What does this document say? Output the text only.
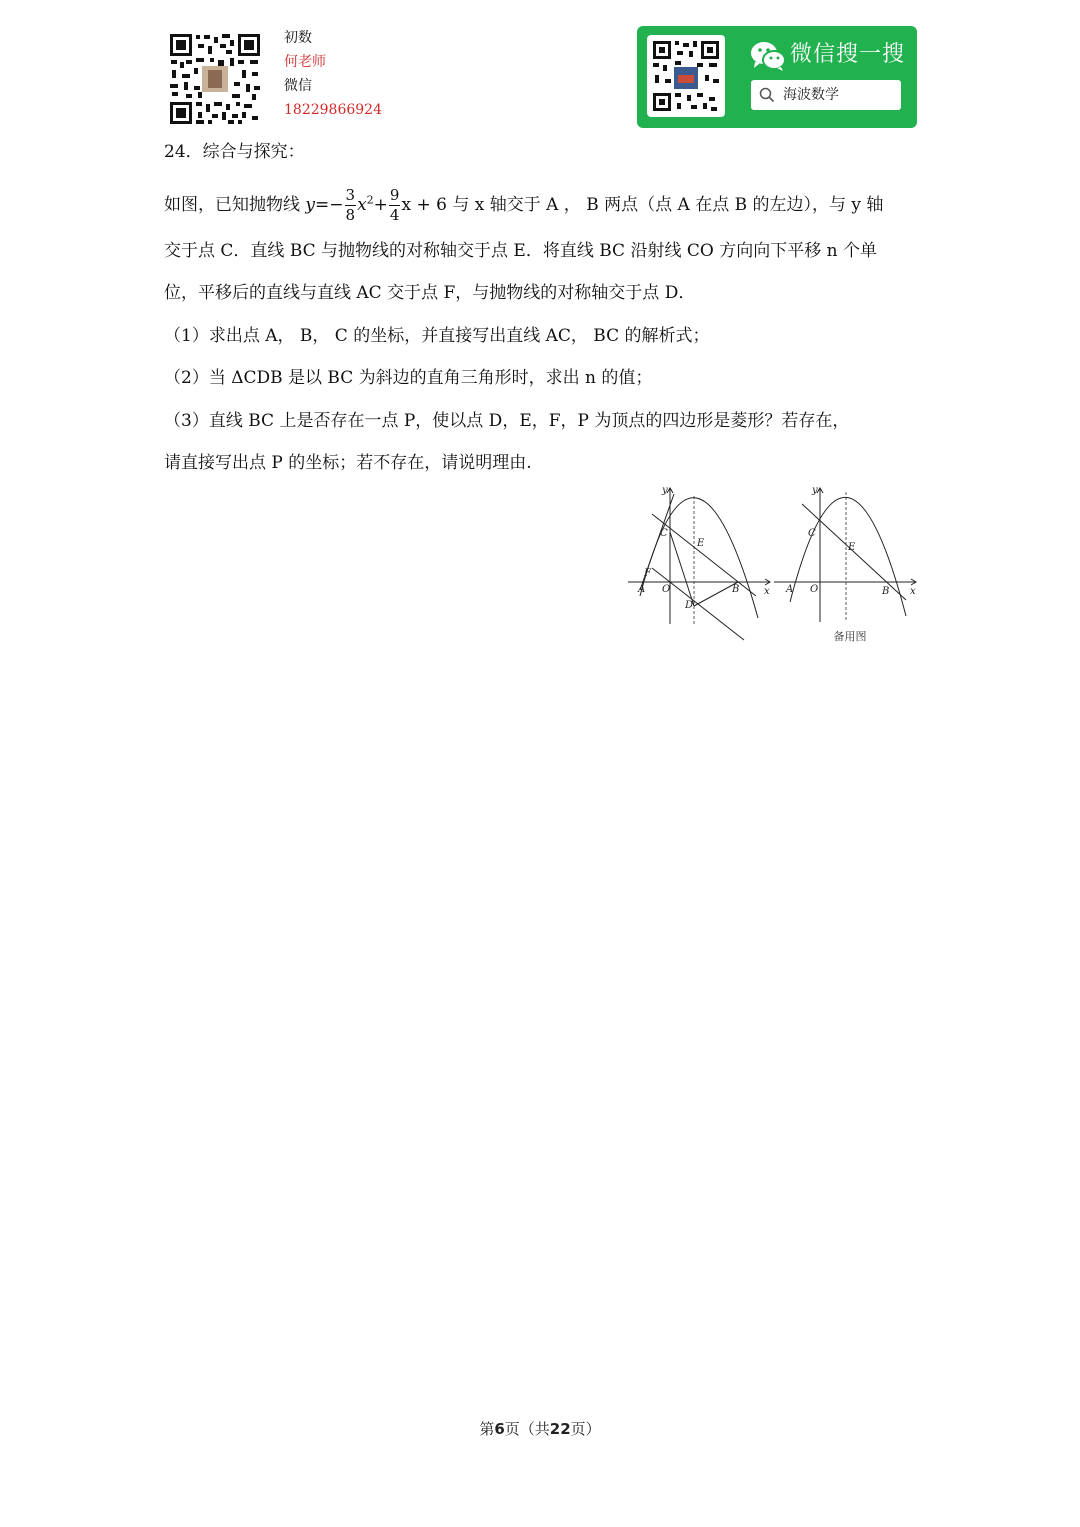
初数
何老师
微信
18229866924
微信搜一搜
海波数学
24．综合与探究：
如图，已知抛物线 $y=- \frac{3}{8} x^2+ \frac{9}{4}$ x + 6 与 x 轴交于 A ， B 两点（点 A 在点 B 的左边），与 y 轴
交于点 C．直线 BC 与抛物线的对称轴交于点 E．将直线 BC 沿射线 CO 方向向下平移 n 个单
位，平移后的直线与直线 AC 交于点 F，与抛物线的对称轴交于点 D．
（1）求出点 A， B， C 的坐标，并直接写出直线 AC， BC 的解析式；
（2）当 ΔCDB 是以 BC 为斜边的直角三角形时，求出 n 的值；
（3）直线 BC 上是否存在一点 P，使以点 D，E，F，P 为顶点的四边形是菱形？若存在，
请直接写出点 P 的坐标；若不存在，请说明理由.
y
x
C
E
F
A O
D
B
y
x
C
E
A O	B
备用图
第6页（共22页）
